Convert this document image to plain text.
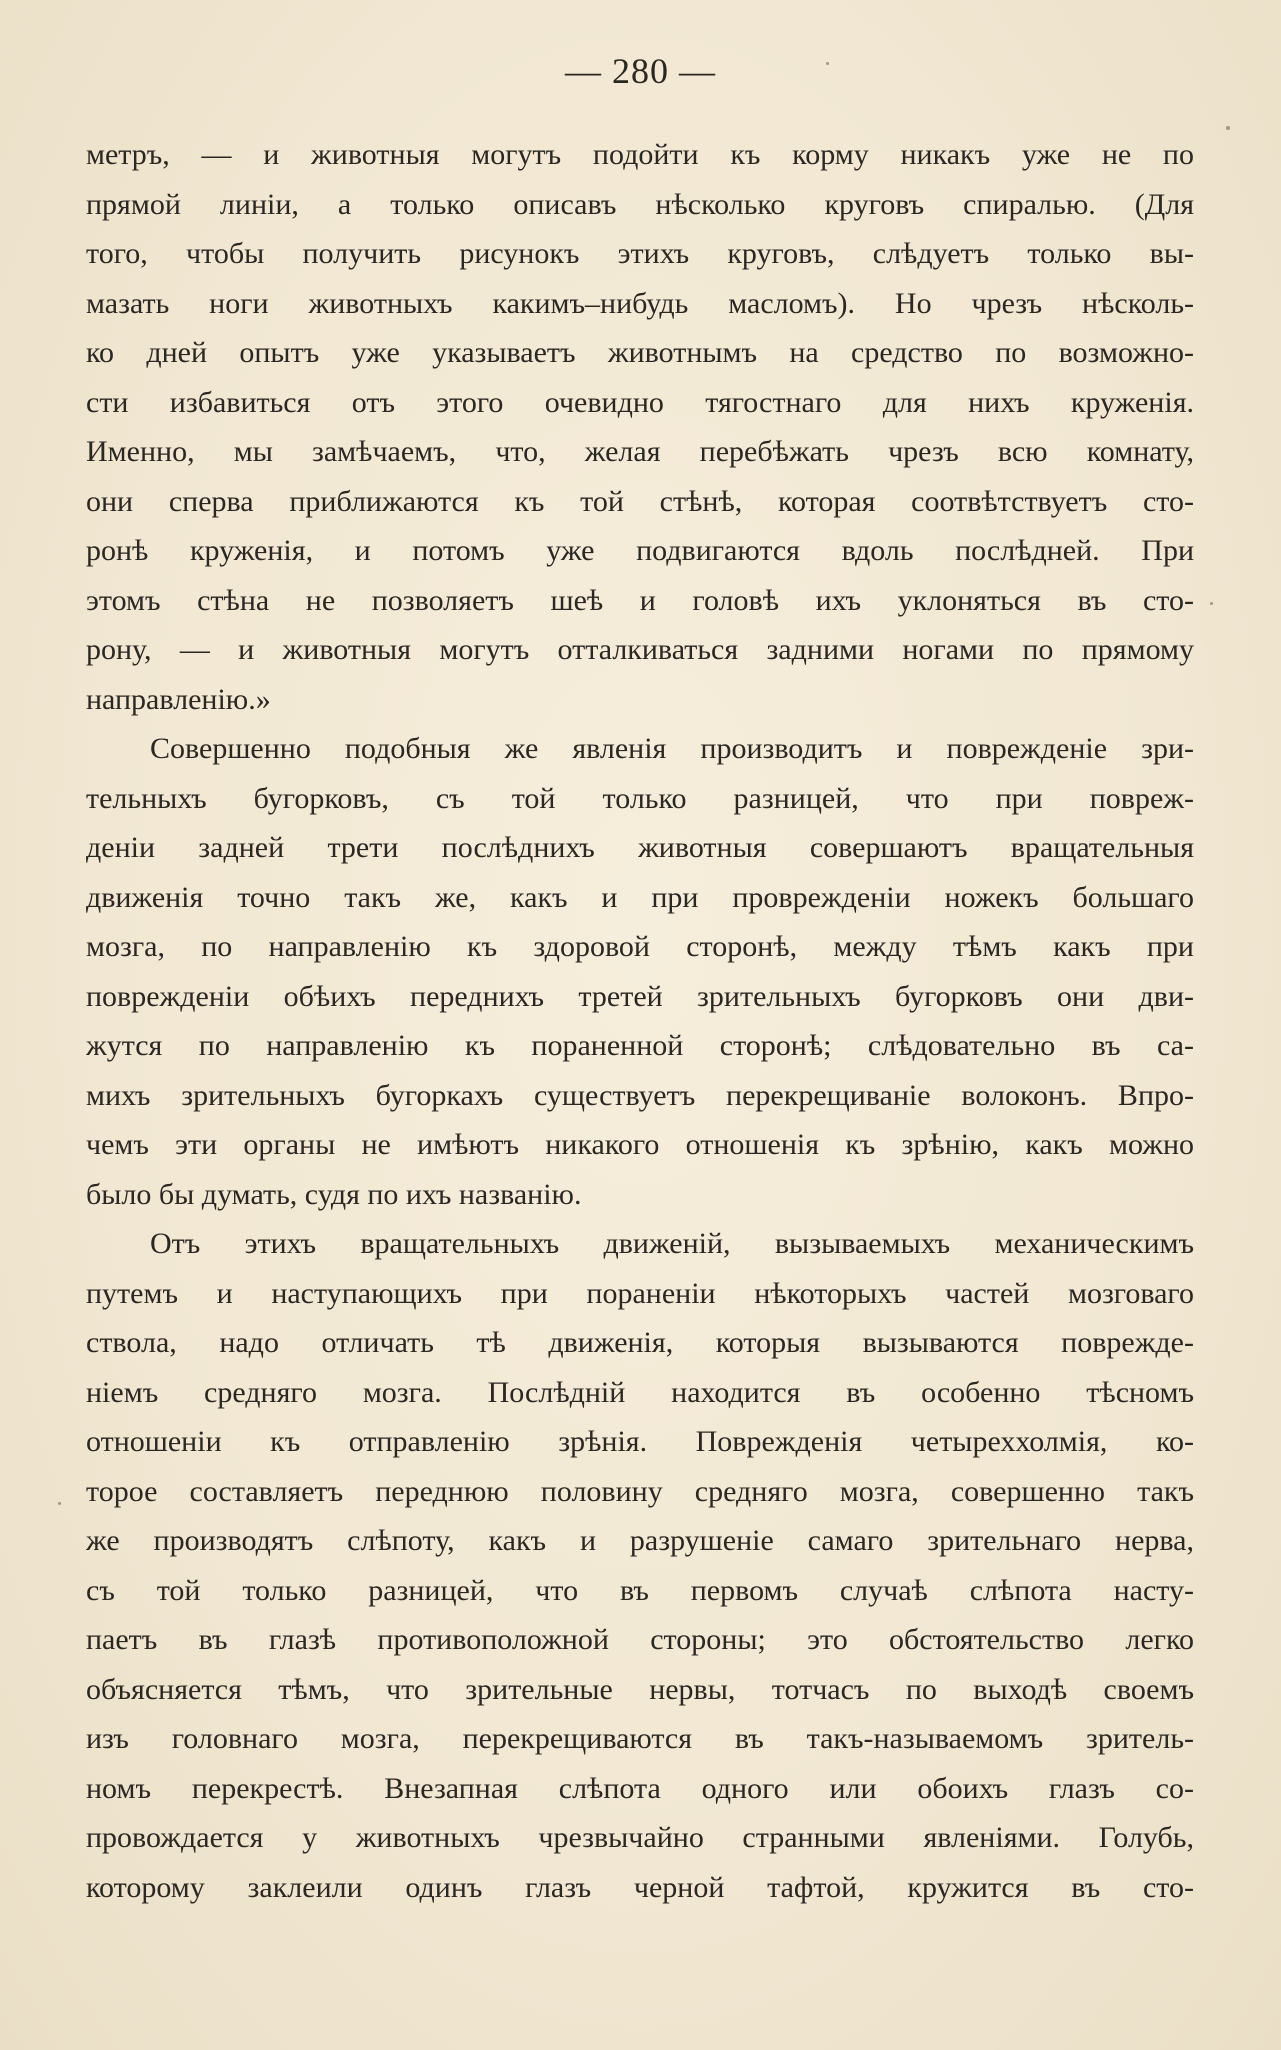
— 280 —
метръ, — и животныя могутъ подойти къ корму никакъ уже не по
прямой линіи, а только описавъ нѣсколько круговъ спиралью. (Для
того, чтобы получить рисунокъ этихъ круговъ, слѣдуетъ только вы-
мазать ноги животныхъ какимъ–нибудь масломъ). Но чрезъ нѣсколь-
ко дней опытъ уже указываетъ животнымъ на средство по возможно-
сти избавиться отъ этого очевидно тягостнаго для нихъ круженія.
Именно, мы замѣчаемъ, что, желая перебѣжать чрезъ всю комнату,
они сперва приближаются къ той стѣнѣ, которая соотвѣтствуетъ сто-
ронѣ круженія, и потомъ уже подвигаются вдоль послѣдней. При
этомъ стѣна не позволяетъ шеѣ и головѣ ихъ уклоняться въ сто-
рону, — и животныя могутъ отталкиваться задними ногами по прямому
направленію.»
Совершенно подобныя же явленія производитъ и поврежденіе зри-
тельныхъ бугорковъ, съ той только разницей, что при повреж-
деніи задней трети послѣднихъ животныя совершаютъ вращательныя
движенія точно такъ же, какъ и при проврежденіи ножекъ большаго
мозга, по направленію къ здоровой сторонѣ, между тѣмъ какъ при
поврежденіи обѣихъ переднихъ третей зрительныхъ бугорковъ они дви-
жутся по направленію къ пораненной сторонѣ; слѣдовательно въ са-
михъ зрительныхъ бугоркахъ существуетъ перекрещиваніе волоконъ. Впро-
чемъ эти органы не имѣютъ никакого отношенія къ зрѣнію, какъ можно
было бы думать, судя по ихъ названію.
Отъ этихъ вращательныхъ движеній, вызываемыхъ механическимъ
путемъ и наступающихъ при пораненіи нѣкоторыхъ частей мозговаго
ствола, надо отличать тѣ движенія, которыя вызываются поврежде-
ніемъ средняго мозга. Послѣдній находится въ особенно тѣсномъ
отношеніи къ отправленію зрѣнія. Поврежденія четыреххолмія, ко-
торое составляетъ переднюю половину средняго мозга, совершенно такъ
же производятъ слѣпоту, какъ и разрушеніе самаго зрительнаго нерва,
съ той только разницей, что въ первомъ случаѣ слѣпота насту-
паетъ въ глазѣ противоположной стороны; это обстоятельство легко
объясняется тѣмъ, что зрительные нервы, тотчасъ по выходѣ своемъ
изъ головнаго мозга, перекрещиваются въ такъ-называемомъ зритель-
номъ перекрестѣ. Внезапная слѣпота одного или обоихъ глазъ со-
провождается у животныхъ чрезвычайно странными явленіями. Голубь,
которому заклеили одинъ глазъ черной тафтой, кружится въ сто-
